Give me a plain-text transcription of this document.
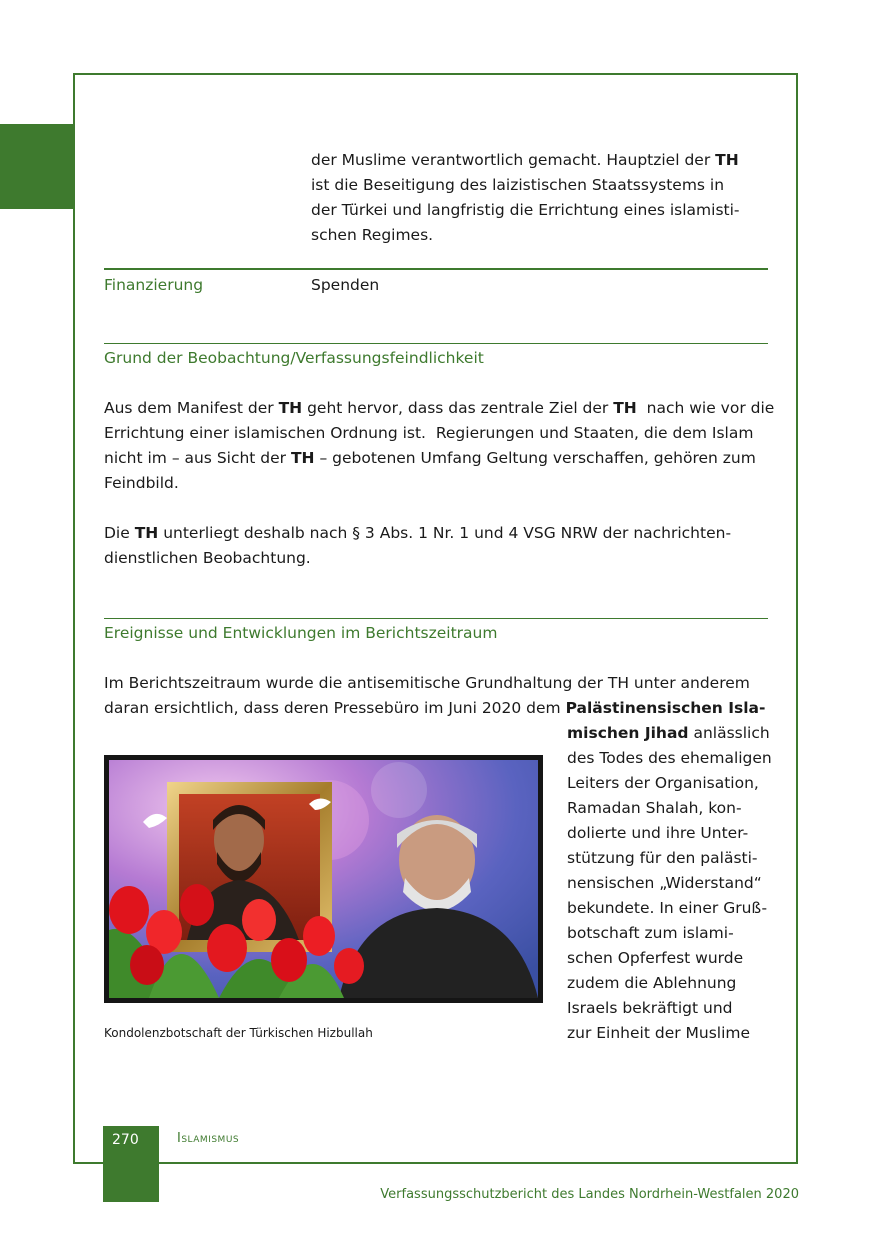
der Muslime verantwortlich gemacht. Hauptziel der TH

ist die Beseitigung des laizistischen Staatssystems in

der Türkei und langfristig die Errichtung eines islamisti-

schen Regimes.

Finanzierung	Spenden
Grund der Beobachtung/Verfassungsfeindlichkeit

Aus dem Manifest der TH geht hervor, dass das zentrale Ziel der TH  nach wie vor die

Errichtung einer islamischen Ordnung ist.  Regierungen und Staaten, die dem Islam

nicht im – aus Sicht der TH – gebotenen Umfang Geltung verschaffen, gehören zum

Feindbild.

Die TH unterliegt deshalb nach § 3 Abs. 1 Nr. 1 und 4 VSG NRW der nachrichten-

dienstlichen Beobachtung.

Ereignisse und Entwicklungen im Berichtszeitraum

Im Berichtszeitraum wurde die antisemitische Grundhaltung der TH unter anderem

daran ersichtlich, dass deren Pressebüro im Juni 2020 dem Palästinensischen Isla-

mischen Jihad anlässlich

des Todes des ehemaligen

Leiters der Organisation,

Ramadan Shalah, kon-

dolierte und ihre Unter-

stützung für den palästi-

nensischen „Widerstand“

bekundete. In einer Gruß-

botschaft zum islami-

schen Opferfest wurde

zudem die Ablehnung

Israels bekräftigt und

zur Einheit der Muslime

Kondolenzbotschaft der Türkischen Hizbullah
270	Islamismus
Verfassungsschutzbericht des Landes Nordrhein-Westfalen 2020
